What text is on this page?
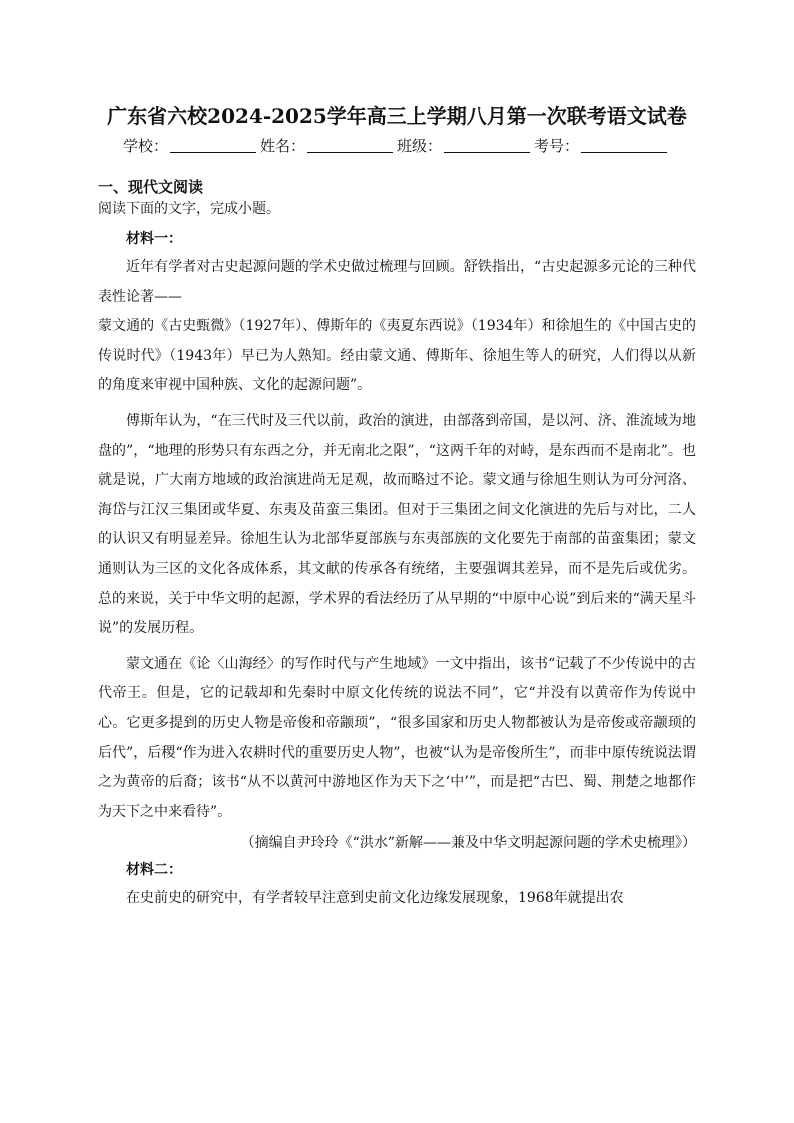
广东省六校2024-2025学年高三上学期八月第一次联考语文试卷
学校：	姓名：	班级：	考号：
一、现代文阅读
阅读下面的文字，完成小题。
材料一：

近年有学者对古史起源问题的学术史做过梳理与回顾。舒铁指出，“古史起源多元论的三种代表性论著——

蒙文通的《古史甄微》（1927年）、傅斯年的《夷夏东西说》（1934年）和徐旭生的《中国古史的传说时代》（1943年）早已为人熟知。经由蒙文通、傅斯年、徐旭生等人的研究，人们得以从新的角度来审视中国种族、文化的起源问题”。

傅斯年认为，“在三代时及三代以前，政治的演进，由部落到帝国，是以河、济、淮流域为地盘的”，“地理的形势只有东西之分，并无南北之限”，“这两千年的对峙，是东西而不是南北”。也就是说，广大南方地域的政治演进尚无足观，故而略过不论。蒙文通与徐旭生则认为可分河洛、海岱与江汉三集团或华夏、东夷及苗蛮三集团。但对于三集团之间文化演进的先后与对比，二人的认识又有明显差异。徐旭生认为北部华夏部族与东夷部族的文化要先于南部的苗蛮集团；蒙文通则认为三区的文化各成体系，其文献的传承各有统绪，主要强调其差异，而不是先后或优劣。总的来说，关于中华文明的起源，学术界的看法经历了从早期的“中原中心说”到后来的“满天星斗说”的发展历程。

蒙文通在《论〈山海经〉的写作时代与产生地域》一文中指出，该书“记载了不少传说中的古代帝王。但是，它的记载却和先秦时中原文化传统的说法不同”，它“并没有以黄帝作为传说中心。它更多提到的历史人物是帝俊和帝颛顼”，“很多国家和历史人物都被认为是帝俊或帝颛顼的后代”，后稷“作为进入农耕时代的重要历史人物”，也被“认为是帝俊所生”，而非中原传统说法谓之为黄帝的后裔；该书“从不以黄河中游地区作为天下之‘中’”，而是把“古巴、蜀、荆楚之地都作为天下之中来看待”。

（摘编自尹玲玲《“洪水”新解——兼及中华文明起源问题的学术史梳理》）
材料二：

在史前史的研究中，有学者较早注意到史前文化边缘发展现象，1968年就提出农
